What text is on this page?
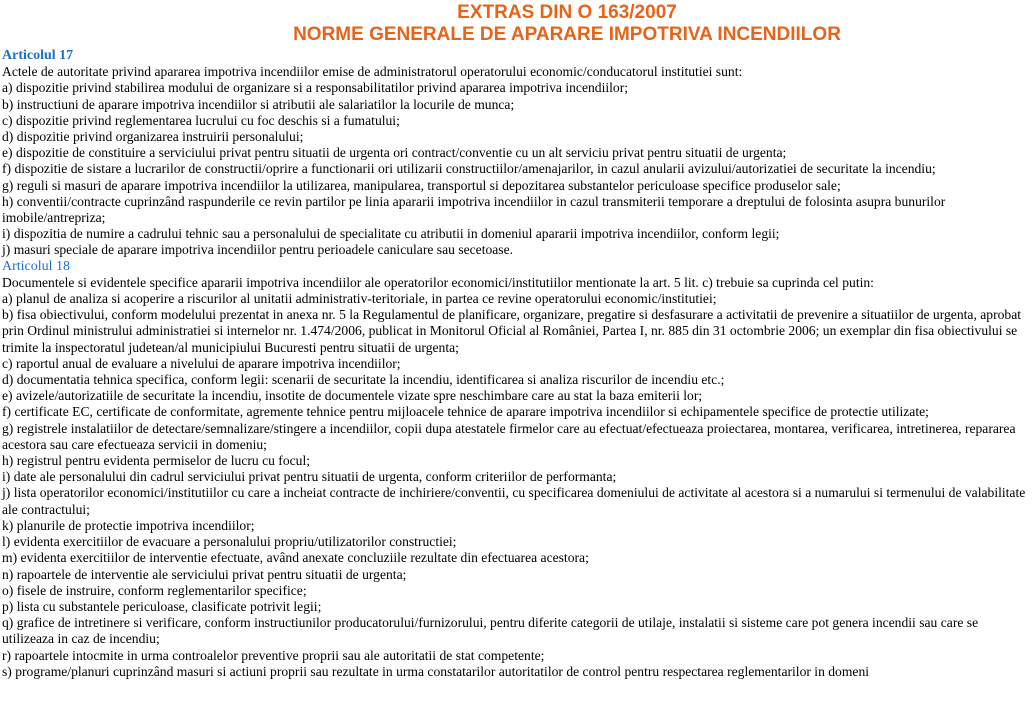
EXTRAS DIN O 163/2007
NORME GENERALE DE APARARE IMPOTRIVA INCENDIILOR
Articolul 17

Actele de autoritate privind apararea impotriva incendiilor emise de administratorul operatorului economic/conducatorul institutiei sunt:

a) dispozitie privind stabilirea modului de organizare si a responsabilitatilor privind apararea impotriva incendiilor;

b) instructiuni de aparare impotriva incendiilor si atributii ale salariatilor la locurile de munca;

c) dispozitie privind reglementarea lucrului cu foc deschis si a fumatului;

d) dispozitie privind organizarea instruirii personalului;

e) dispozitie de constituire a serviciului privat pentru situatii de urgenta ori contract/conventie cu un alt serviciu privat pentru situatii de urgenta;

f) dispozitie de sistare a lucrarilor de constructii/oprire a functionarii ori utilizarii constructiilor/amenajarilor, in cazul anularii avizului/autorizatiei de securitate la incendiu;

g) reguli si masuri de aparare impotriva incendiilor la utilizarea, manipularea, transportul si depozitarea substantelor periculoase specifice produselor sale;

h) conventii/contracte cuprinzând raspunderile ce revin partilor pe linia apararii impotriva incendiilor in cazul transmiterii temporare a dreptului de folosinta asupra bunurilor imobile/antrepriza;

i) dispozitia de numire a cadrului tehnic sau a personalului de specialitate cu atributii in domeniul apararii impotriva incendiilor, conform legii;

j) masuri speciale de aparare impotriva incendiilor pentru perioadele caniculare sau secetoase.

Articolul 18

Documentele si evidentele specifice apararii impotriva incendiilor ale operatorilor economici/institutiilor mentionate la art. 5 lit. c) trebuie sa cuprinda cel putin:

a) planul de analiza si acoperire a riscurilor al unitatii administrativ-teritoriale, in partea ce revine operatorului economic/institutiei;

b) fisa obiectivului, conform modelului prezentat in anexa nr. 5 la Regulamentul de planificare, organizare, pregatire si desfasurare a activitatii de prevenire a situatiilor de urgenta, aprobat prin Ordinul ministrului administratiei si internelor nr. 1.474/2006, publicat in Monitorul Oficial al României, Partea I, nr. 885 din 31 octombrie 2006; un exemplar din fisa obiectivului se trimite la inspectoratul judetean/al municipiului Bucuresti pentru situatii de urgenta;

c) raportul anual de evaluare a nivelului de aparare impotriva incendiilor;

d) documentatia tehnica specifica, conform legii: scenarii de securitate la incendiu, identificarea si analiza riscurilor de incendiu etc.;

e) avizele/autorizatiile de securitate la incendiu, insotite de documentele vizate spre neschimbare care au stat la baza emiterii lor;

f) certificate EC, certificate de conformitate, agremente tehnice pentru mijloacele tehnice de aparare impotriva incendiilor si echipamentele specifice de protectie utilizate;

g) registrele instalatiilor de detectare/semnalizare/stingere a incendiilor, copii dupa atestatele firmelor care au efectuat/efectueaza proiectarea, montarea, verificarea, intretinerea, repararea acestora sau care efectueaza servicii in domeniu;

h) registrul pentru evidenta permiselor de lucru cu focul;

i) date ale personalului din cadrul serviciului privat pentru situatii de urgenta, conform criteriilor de performanta;

j) lista operatorilor economici/institutiilor cu care a incheiat contracte de inchiriere/conventii, cu specificarea domeniului de activitate al acestora si a numarului si termenului de valabilitate ale contractului;

k) planurile de protectie impotriva incendiilor;

l) evidenta exercitiilor de evacuare a personalului propriu/utilizatorilor constructiei;

m) evidenta exercitiilor de interventie efectuate, având anexate concluziile rezultate din efectuarea acestora;

n) rapoartele de interventie ale serviciului privat pentru situatii de urgenta;

o) fisele de instruire, conform reglementarilor specifice;

p) lista cu substantele periculoase, clasificate potrivit legii;

q) grafice de intretinere si verificare, conform instructiunilor producatorului/furnizorului, pentru diferite categorii de utilaje, instalatii si sisteme care pot genera incendii sau care se utilizeaza in caz de incendiu;

r) rapoartele intocmite in urma controalelor preventive proprii sau ale autoritatii de stat competente;

s) programe/planuri cuprinzând masuri si actiuni proprii sau rezultate in urma constatarilor autoritatilor de control pentru respectarea reglementarilor in domeni
